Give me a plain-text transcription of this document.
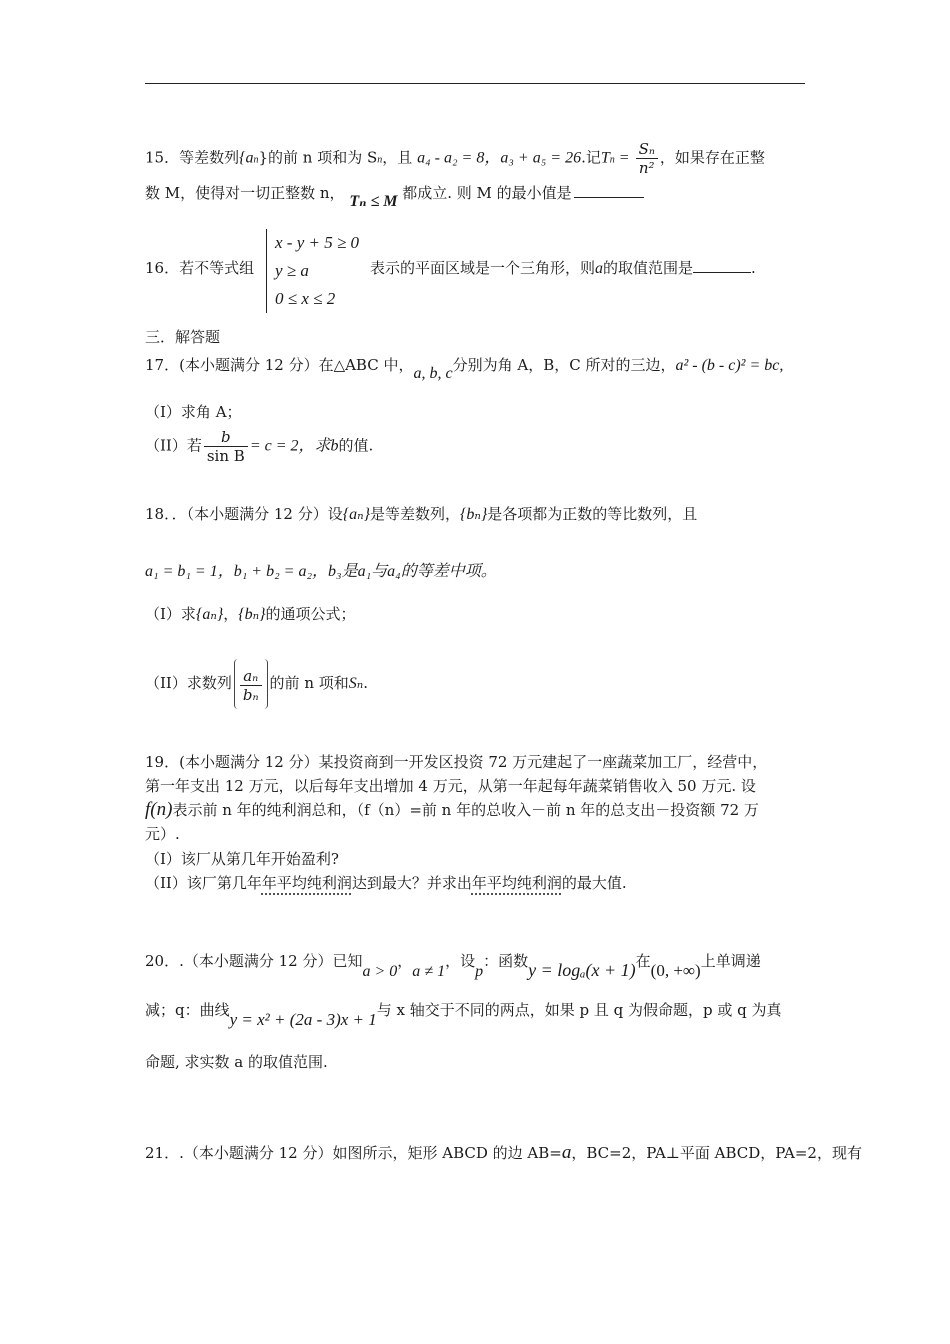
15．等差数列{an}的前 n 项和为 Sn，且 a₄ - a₂ = 8，a₃ + a₅ = 26.记$Tn = \frac{\text{Sₙ}}{\text{n²}}$ ，如果存在正整
数 M，使得对一切正整数 n， Tₙ ≤ M 都成立. 则 M 的最小值是
16．若不等式组
x - y + 5 ≥ 0
y ≥ a
0 ≤ x ≤ 2
表示的平面区域是一个三角形，则a的取值范围是	.
三．解答题
17．(本小题满分 12 分）在△ABC 中，a, b, c分别为角 A，B，C 所对的三边，a² - (b - c)² = bc,
（I）求角 A；
（II）若 $\frac{b}{\text{sin B}} = c = 2$，求b的值.
18．．（本小题满分 12 分）设{aₙ}是等差数列，{bₙ}是各项都为正数的等比数列，且
a₁ = b₁ = 1，b₁ + b₂ = a₂，b₃是a₁与a₄的等差中项。
（I）求{aₙ}，{bₙ}的通项公式；
（II）求数列 $\frac{\text{aₙ}}{\text{bₙ}}$ 的前 n 项和Sₙ.
19．(本小题满分 12 分）某投资商到一开发区投资 72 万元建起了一座蔬菜加工厂，经营中，
第一年支出 12 万元，以后每年支出增加 4 万元，从第一年起每年蔬菜销售收入 50 万元. 设
f(n)表示前 n 年的纯利润总和，（f（n）=前 n 年的总收入－前 n 年的总支出－投资额 72 万
元）.
（I）该厂从第几年开始盈利?
（II）该厂第几年年平均纯利润达到最大？并求出年平均纯利润的最大值.
20．.（本小题满分 12 分）已知a > 0，a ≠ 1，设p：函数y = logₐ(x + 1)在(0, +∞)上单调递
减；q：曲线y = x² + (2a - 3)x + 1与 x 轴交于不同的两点，如果 p 且 q 为假命题，p 或 q 为真
命题, 求实数 a 的取值范围.
21．.（本小题满分 12 分）如图所示，矩形 ABCD 的边 AB=a，BC=2，PA⊥平面 ABCD，PA=2，现有
